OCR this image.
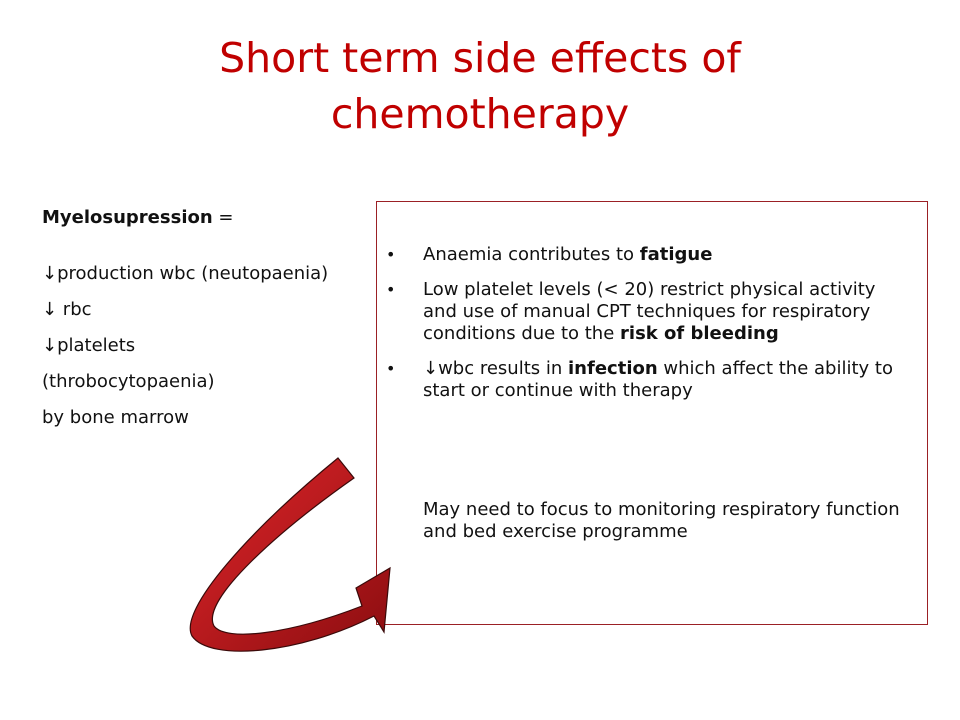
Short term side effects of chemotherapy

Myelosupression =

↓production wbc (neutopaenia)

↓ rbc

↓platelets

(throbocytopaenia)

by bone marrow

• Anaemia contributes to fatigue
• Low platelet levels (< 20) restrict physical activity and use of manual CPT techniques for respiratory conditions due to the risk of bleeding
• ↓wbc results in infection which affect the ability to start or continue with therapy
May need to focus to monitoring respiratory function and bed exercise programme
